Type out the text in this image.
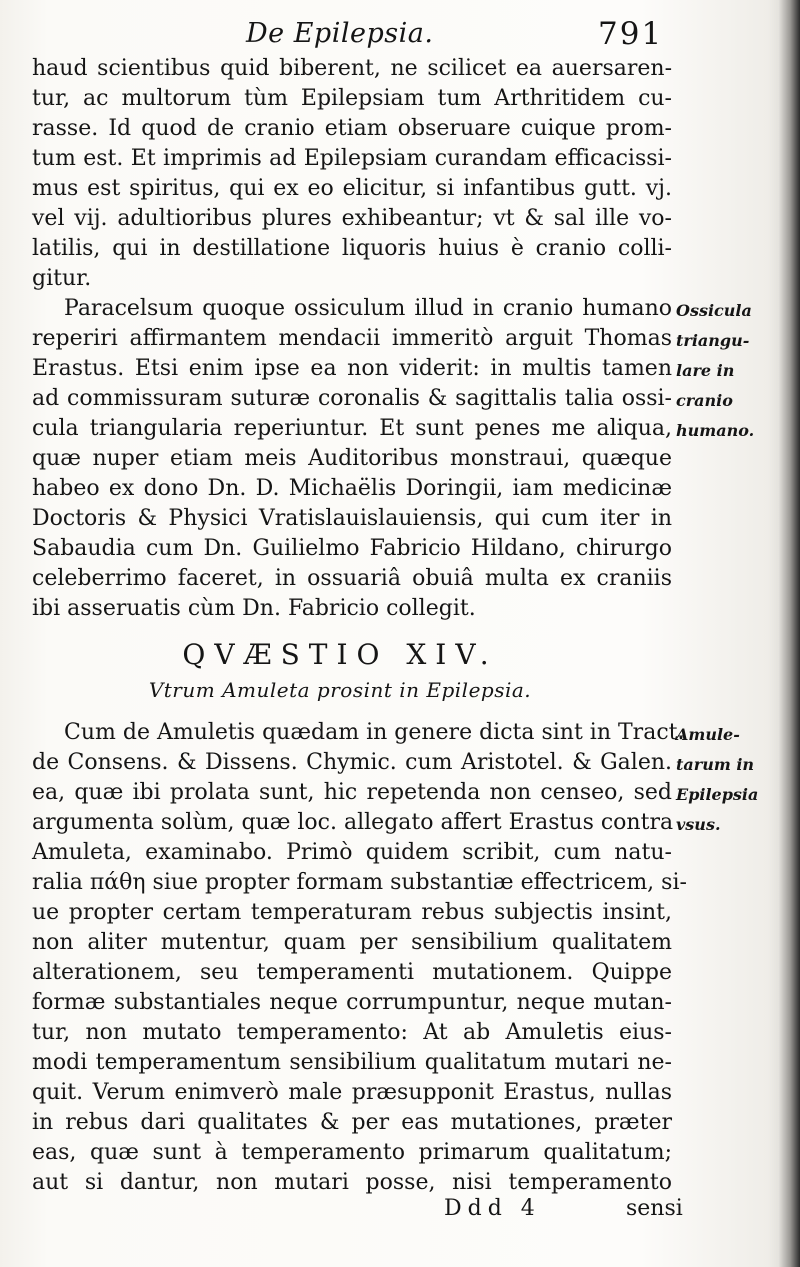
De Epilepsia.	791
haud scientibus quid biberent, ne scilicet ea auersaren-
tur, ac multorum tùm Epilepsiam tum Arthritidem cu-
rasse. Id quod de cranio etiam obseruare cuique prom-
tum est. Et imprimis ad Epilepsiam curandam efficacissi-
mus est spiritus, qui ex eo elicitur, si infantibus gutt. vj.
vel vij. adultioribus plures exhibeantur; vt & sal ille vo-
latilis, qui in destillatione liquoris huius è cranio colli-
gitur.
Paracelsum quoque ossiculum illud in cranio humano
reperiri affirmantem mendacii immeritò arguit Thomas
Erastus. Etsi enim ipse ea non viderit: in multis tamen
ad commissuram suturæ coronalis & sagittalis talia ossi-
cula triangularia reperiuntur. Et sunt penes me aliqua,
quæ nuper etiam meis Auditoribus monstraui, quæque
habeo ex dono Dn. D. Michaëlis Doringii, iam medicinæ
Doctoris & Physici Vratislauislauiensis, qui cum iter in
Sabaudia cum Dn. Guilielmo Fabricio Hildano, chirurgo
celeberrimo faceret, in ossuariâ obuiâ multa ex craniis
ibi asseruatis cùm Dn. Fabricio collegit.
QVÆSTIO XIV.
Vtrum Amuleta prosint in Epilepsia.
Cum de Amuletis quædam in genere dicta sint in Tract.
de Consens. & Dissens. Chymic. cum Aristotel. & Galen.
ea, quæ ibi prolata sunt, hic repetenda non censeo, sed
argumenta solùm, quæ loc. allegato affert Erastus contra
Amuleta, examinabo. Primò quidem scribit, cum natu-
ralia πάθη siue propter formam substantiæ effectricem, si-
ue propter certam temperaturam rebus subjectis insint,
non aliter mutentur, quam per sensibilium qualitatem
alterationem, seu temperamenti mutationem. Quippe
formæ substantiales neque corrumpuntur, neque mutan-
tur, non mutato temperamento: At ab Amuletis eius-
modi temperamentum sensibilium qualitatum mutari ne-
quit. Verum enimverò male præsupponit Erastus, nullas
in rebus dari qualitates & per eas mutationes, præter
eas, quæ sunt à temperamento primarum qualitatum;
aut si dantur, non mutari posse, nisi temperamento
Ossicula
triangu-
lare in
cranio
humano.
Amule-
tarum in
Epilepsia
vsus.
Ddd 4	sensi
